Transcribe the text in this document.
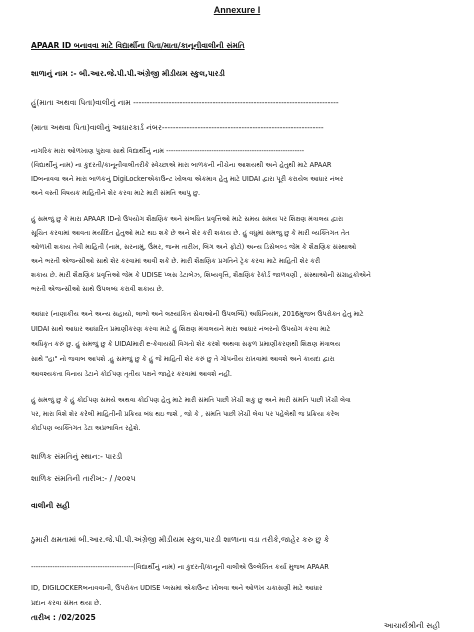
Annexure I
APAAR ID બનાવવા માટે વિદ્યાર્થીના પિતા/માતા/કાનૂનીવાલીની સંમતિ
શાળાનું નામ :- બી.આર.જે.પી.પી.અંગ્રેજી મીડીયમ સ્કુલ,પારડી
હું(માતા અથવા પિતા)વાલીનું નામ ---------------------------------------------------------------------------
(માતા અથવા પિતા)વાલીનું આધારકાર્ડ નંબર-----------------------------------------------------------
નાગરિક મારા ઓળખાણ પુરાવા સાથે વિદ્યાર્થીનું નામ ----------------------------------------------------------
(વિદ્યાર્થીનું નામ) ના કુદરતી/કાનૂનીવાલીતરીકે સ્વેચ્છાએ મારા બાળકની નીચેના આશયથી અને હેતુથી માટે APAAR
IDબનાવવા અને મારા બાળકનું DigiLockerએકાઉન્ટ ખોલવા એકમાત્ર હેતુ માટે UIDAI દ્વારા પૂરી કરાયેલ આધાર નંબર
અને વસ્તી વિષયક માહિતીને શેર કરવા માટે મારી સંમતિ આપુ છુ.
હું સમજું છુ કે મારા APAAR IDનો ઉપયોગ શૈક્ષણિક અને સંબધિત પ્રવૃત્તિઓ માટે સમય સમય પર શિક્ષણ મંત્રાલય દ્વારા
સૂચિત કરવામાં આવતા મર્યાદિત હેતુઓ માટે થઇ શકે છે અને શેર કરી શકાય છે. હું વધુમાં સમજુ છુ કે મારી વ્યક્તિગત તેત
ઓળખી શકાય તેવી માહિતી (નામ, સરનામું, ઉંમર, જન્મ તારીખ, લિંગ અને ફોટો) અન્ય ડિસેબલ્ડ જેમ કે શૈક્ષણિક સંસ્થાઓ
અને ભરતી એજન્સીઓ સાથે શેર કરવામાં આવી શકે છે. મારી શૈક્ષણિક પ્રગતિને ટ્રેક કરવા માટે માહિતી શેર કરી
શકાય છે. મારી શૈક્ષણિક પ્રવૃત્તિઓ જેમ કે UDISE પ્લસ ડેટાબેઝ, શિષ્યવૃત્તિ, શૈક્ષણિક રેકોર્ડ જાળવણી , સંસ્થાઓની સંગ્રાહકોએને
ભરતી એજન્સીઓ સાથે ઉપલબ્ધ કરાવી શકાય છે.
આધાર (નાણાકીય અને અન્ય સહાયો, લાભો અને લક્ષ્યાંકિત સેવાઓની ઉપલબ્ધિ) અધિનિયમ, 2016મુજબ ઉપરોક્ત હેતુ માટે
UIDAI સાથે આધાર આધારિત પ્રમાણીકરણ કરવા માટે હું શિક્ષણ મંત્રાલયને મારા આધાર નંબરનો ઉપયોગ કરવા માટે
અધિકૃત કરું છુ. હું સમજું છુ કે UIDAIમારી e-કેવાયસી વિગતો શેર કરશે અથવા સફળ પ્રમાણીકરણથી શિક્ષણ મંત્રાલય
સાથે "હા" નો જવાબ આપશે .હુ સમજું છુ કે હું જે માહિતી શેર કરું છુ તે ગોપનીય રાખવામાં આવશે અને કાયદા દ્વારા
આવશ્યકતા વિનાય ડેટાને કોઈપણ તૃતીય પક્ષને જાહેર કરવામાં આવશે નહીં.
હું સમજું છુ કે હું કોઈપણ સમયે અથવા કોઈપણ હેતુ માટે મારી સંમતિ પાછી ખેંચી શકુ છુ અને મારી સંમતિ પાછી ખેંચી લેવા
પર, મારા વિશે શેર કરેલી માહિતીની પ્રક્રિયા બંધ થઇ જશે , જો કે , સંમતિ પાછી ખેંચી લેવા પર પહેલેથી જ પ્રક્રિયા કરેલ
કોઈપણ વ્યક્તિગત ડેટા અપ્રભાવિત રહેશે.
શાળિક સંમતિનું સ્થાન:- પારડી
શાળિક સંમતિની તારીખ:- / /૨૦૨૫
વાલીની સહી
ઠુમારી ક્ષમતામાં બી.આર.જે.પી.પી.અંગ્રેજી મીડીયમ સ્કુલ,પારડી શાળાના વડા તરીકે,જાહેર કરુ છુ કે
-------------------------------------------(વિદ્યાર્થીનું નામ) ના કુદરતી/કાનૂની વાલીએ ઉલ્લેખિત કર્યા મુજબ APAAR
ID, DIGILOCKERબનાવવાની, ઉપરોક્ત UDISE પ્લસમાં એકાઉન્ટ ખોલવા અને ઓળખ ચકાસણી માટે આધાર
પ્રદાન કરવા સંમત થયા છે.
તારીખ : /02/2025
આચાર્યશ્રીની સહી
